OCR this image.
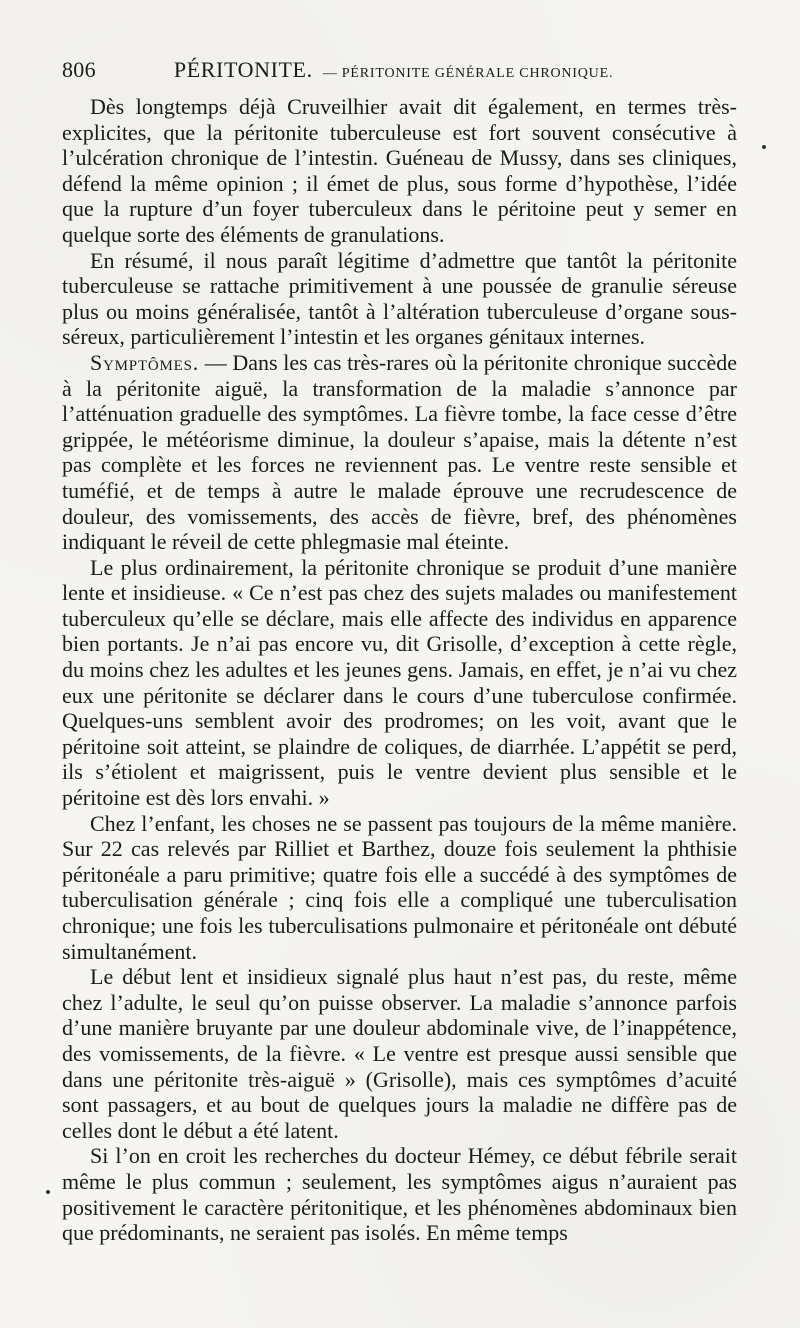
806	PÉRITONITE. — PÉRITONITE GÉNÉRALE CHRONIQUE.

Dès longtemps déjà Cruveilhier avait dit également, en termes très-explicites, que la péritonite tuberculeuse est fort souvent consécutive à l’ulcération chronique de l’intestin. Guéneau de Mussy, dans ses cliniques, défend la même opinion ; il émet de plus, sous forme d’hypothèse, l’idée que la rupture d’un foyer tuberculeux dans le péritoine peut y semer en quelque sorte des éléments de granulations.

En résumé, il nous paraît légitime d’admettre que tantôt la péritonite tuberculeuse se rattache primitivement à une poussée de granulie séreuse plus ou moins généralisée, tantôt à l’altération tuberculeuse d’organe sous-séreux, particulièrement l’intestin et les organes génitaux internes.

Symptômes. — Dans les cas très-rares où la péritonite chronique succède à la péritonite aiguë, la transformation de la maladie s’annonce par l’atténuation graduelle des symptômes. La fièvre tombe, la face cesse d’être grippée, le météorisme diminue, la douleur s’apaise, mais la détente n’est pas complète et les forces ne reviennent pas. Le ventre reste sensible et tuméfié, et de temps à autre le malade éprouve une recrudescence de douleur, des vomissements, des accès de fièvre, bref, des phénomènes indiquant le réveil de cette phlegmasie mal éteinte.

Le plus ordinairement, la péritonite chronique se produit d’une manière lente et insidieuse. « Ce n’est pas chez des sujets malades ou manifestement tuberculeux qu’elle se déclare, mais elle affecte des individus en apparence bien portants. Je n’ai pas encore vu, dit Grisolle, d’exception à cette règle, du moins chez les adultes et les jeunes gens. Jamais, en effet, je n’ai vu chez eux une péritonite se déclarer dans le cours d’une tuberculose confirmée. Quelques-uns semblent avoir des prodromes; on les voit, avant que le péritoine soit atteint, se plaindre de coliques, de diarrhée. L’appétit se perd, ils s’étiolent et maigrissent, puis le ventre devient plus sensible et le péritoine est dès lors envahi. »

Chez l’enfant, les choses ne se passent pas toujours de la même manière. Sur 22 cas relevés par Rilliet et Barthez, douze fois seulement la phthisie péritonéale a paru primitive; quatre fois elle a succédé à des symptômes de tuberculisation générale ; cinq fois elle a compliqué une tuberculisation chronique; une fois les tuberculisations pulmonaire et péritonéale ont débuté simultanément.

Le début lent et insidieux signalé plus haut n’est pas, du reste, même chez l’adulte, le seul qu’on puisse observer. La maladie s’annonce parfois d’une manière bruyante par une douleur abdominale vive, de l’inappétence, des vomissements, de la fièvre. « Le ventre est presque aussi sensible que dans une péritonite très-aiguë » (Grisolle), mais ces symptômes d’acuité sont passagers, et au bout de quelques jours la maladie ne diffère pas de celles dont le début a été latent.

Si l’on en croit les recherches du docteur Hémey, ce début fébrile serait même le plus commun ; seulement, les symptômes aigus n’auraient pas positivement le caractère péritonitique, et les phénomènes abdominaux bien que prédominants, ne seraient pas isolés. En même temps
